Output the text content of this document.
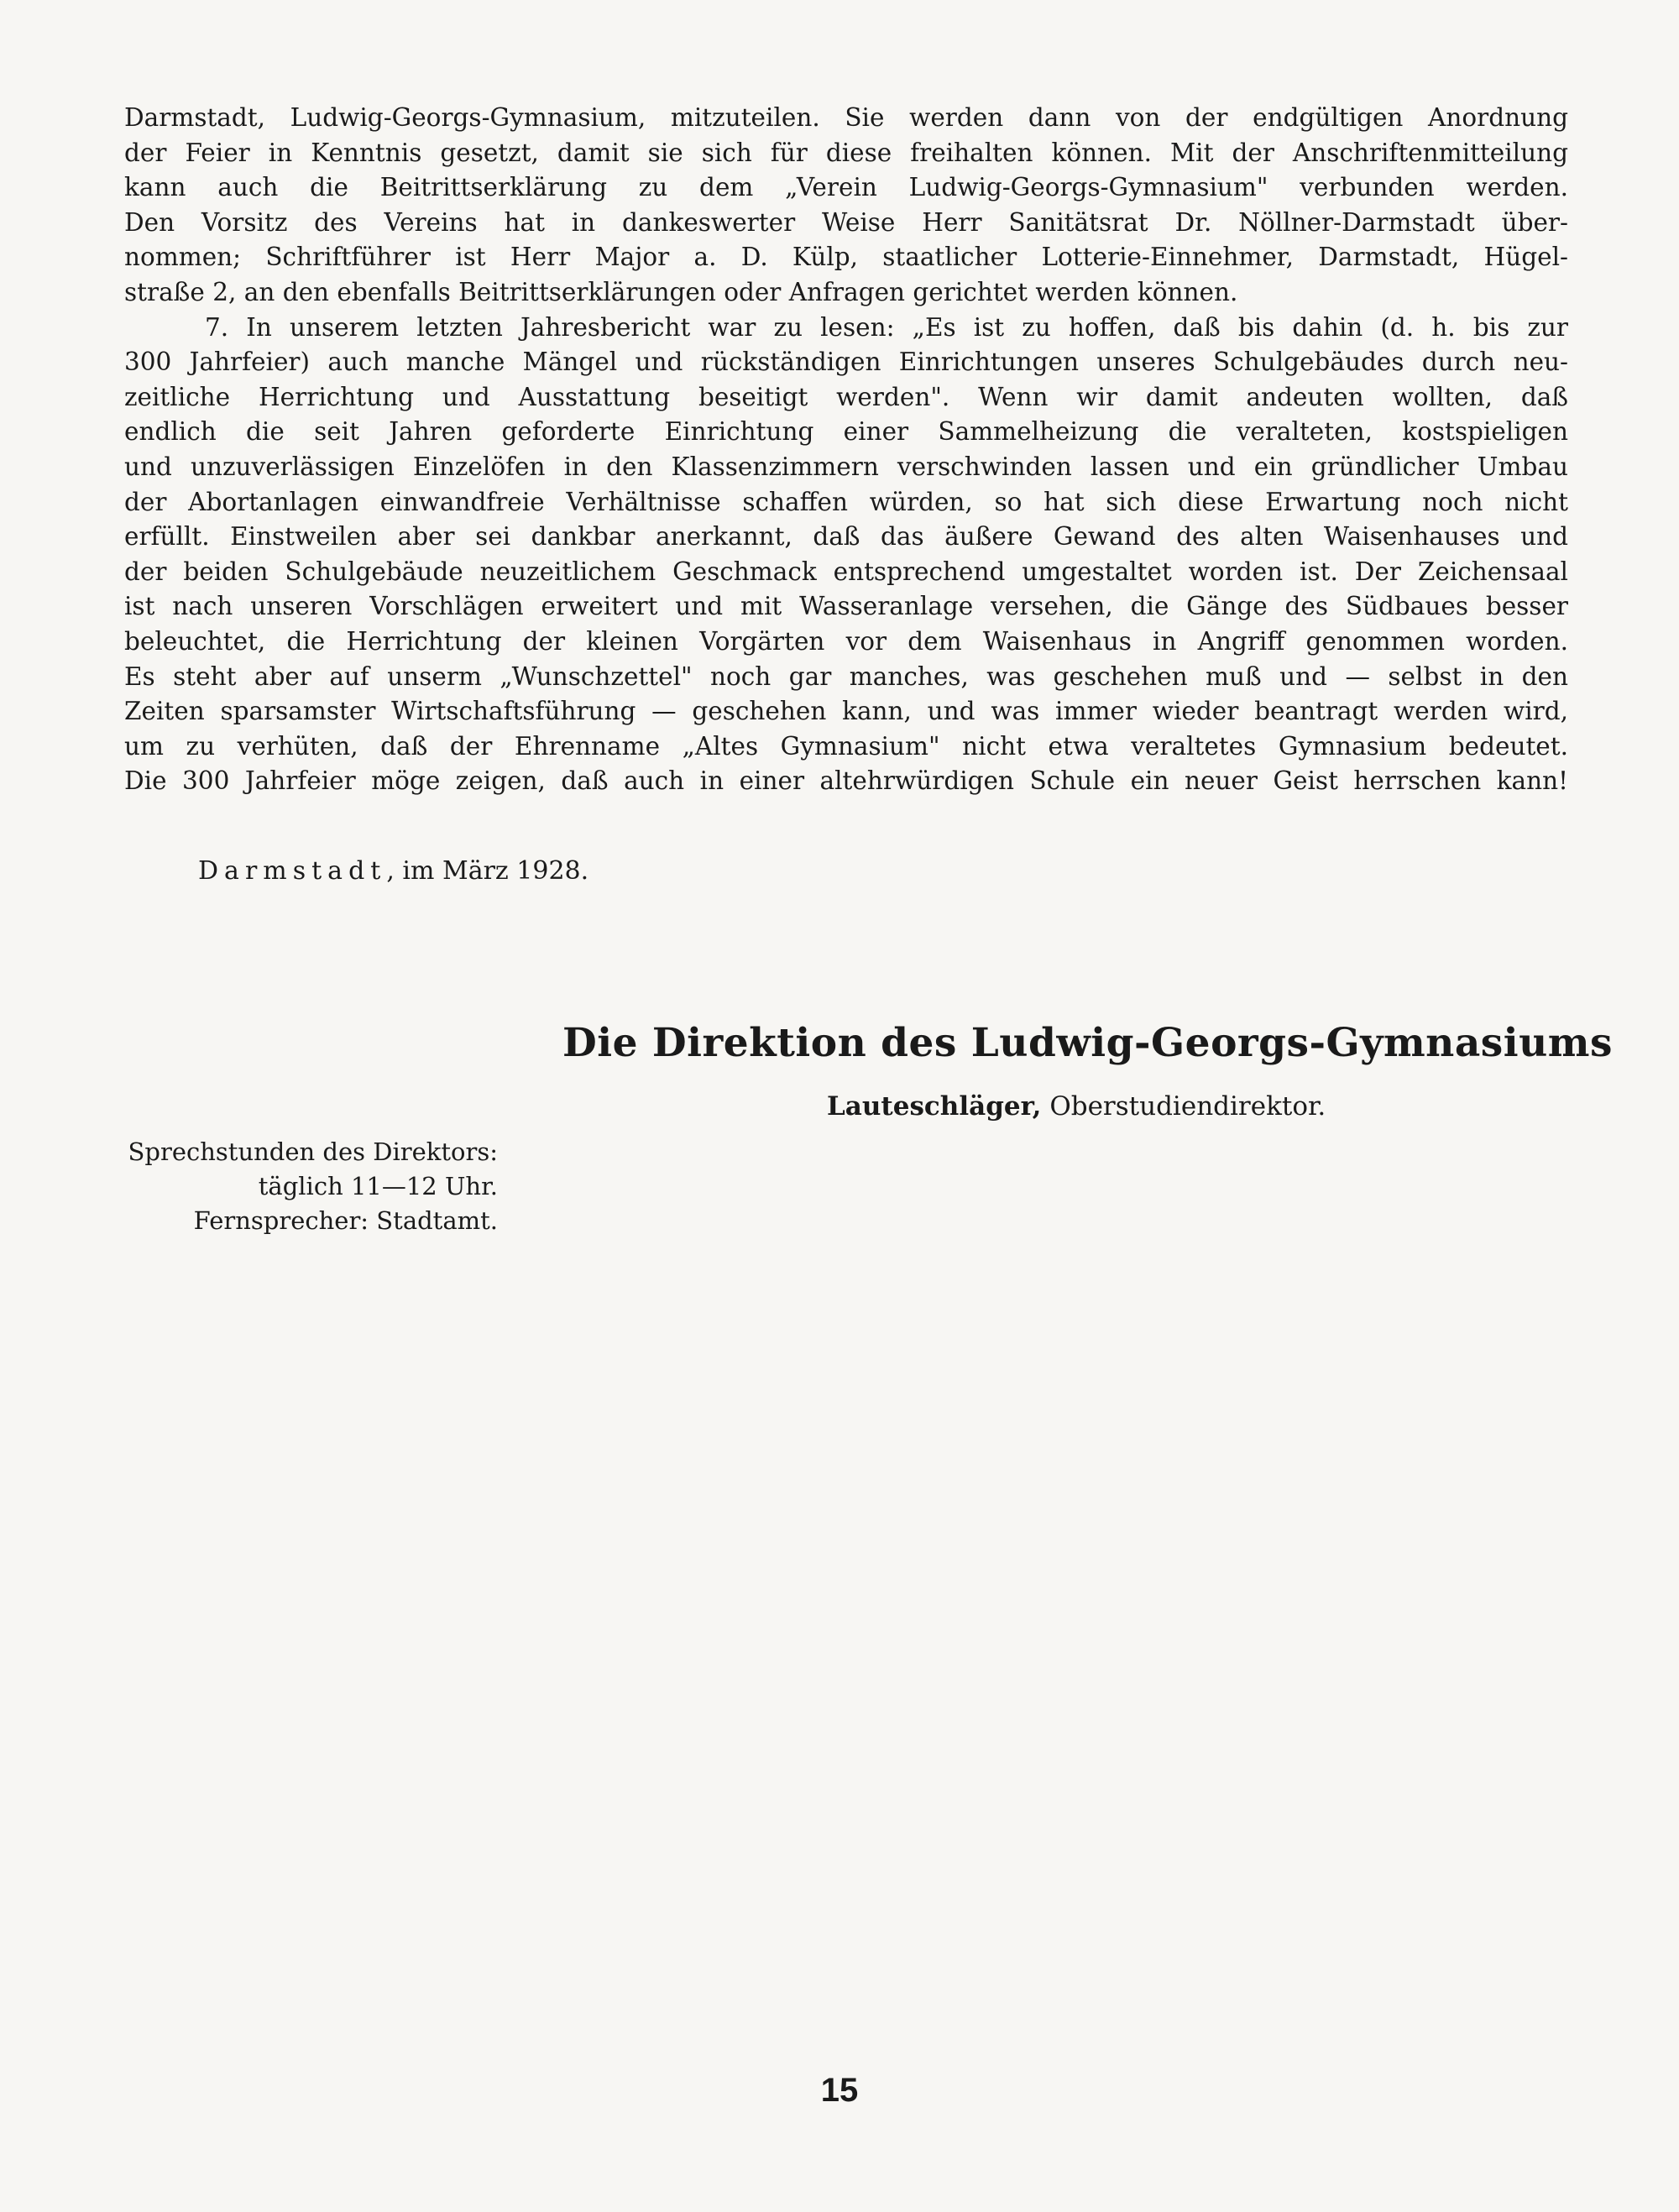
Darmstadt, Ludwig-Georgs-Gymnasium, mitzuteilen. Sie werden dann von der endgültigen Anordnung
der Feier in Kenntnis gesetzt, damit sie sich für diese freihalten können. Mit der Anschriftenmitteilung
kann auch die Beitrittserklärung zu dem „Verein Ludwig-Georgs-Gymnasium" verbunden werden.
Den Vorsitz des Vereins hat in dankeswerter Weise Herr Sanitätsrat Dr. Nöllner-Darmstadt über-
nommen; Schriftführer ist Herr Major a. D. Külp, staatlicher Lotterie-Einnehmer, Darmstadt, Hügel-
straße 2, an den ebenfalls Beitrittserklärungen oder Anfragen gerichtet werden können.
7. In unserem letzten Jahresbericht war zu lesen: „Es ist zu hoffen, daß bis dahin (d. h. bis zur
300 Jahrfeier) auch manche Mängel und rückständigen Einrichtungen unseres Schulgebäudes durch neu-
zeitliche Herrichtung und Ausstattung beseitigt werden". Wenn wir damit andeuten wollten, daß
endlich die seit Jahren geforderte Einrichtung einer Sammelheizung die veralteten, kostspieligen
und unzuverlässigen Einzelöfen in den Klassenzimmern verschwinden lassen und ein gründlicher Umbau
der Abortanlagen einwandfreie Verhältnisse schaffen würden, so hat sich diese Erwartung noch nicht
erfüllt. Einstweilen aber sei dankbar anerkannt, daß das äußere Gewand des alten Waisenhauses und
der beiden Schulgebäude neuzeitlichem Geschmack entsprechend umgestaltet worden ist. Der Zeichensaal
ist nach unseren Vorschlägen erweitert und mit Wasseranlage versehen, die Gänge des Südbaues besser
beleuchtet, die Herrichtung der kleinen Vorgärten vor dem Waisenhaus in Angriff genommen worden.
Es steht aber auf unserm „Wunschzettel" noch gar manches, was geschehen muß und — selbst in den
Zeiten sparsamster Wirtschaftsführung — geschehen kann, und was immer wieder beantragt werden wird,
um zu verhüten, daß der Ehrenname „Altes Gymnasium" nicht etwa veraltetes Gymnasium bedeutet.
Die 300 Jahrfeier möge zeigen, daß auch in einer altehrwürdigen Schule ein neuer Geist herrschen kann!
Darmstadt, im März 1928.
Die Direktion des Ludwig-Georgs-Gymnasiums
Lauteschläger, Oberstudiendirektor.
Sprechstunden des Direktors:
täglich 11—12 Uhr.
Fernsprecher: Stadtamt.
15
